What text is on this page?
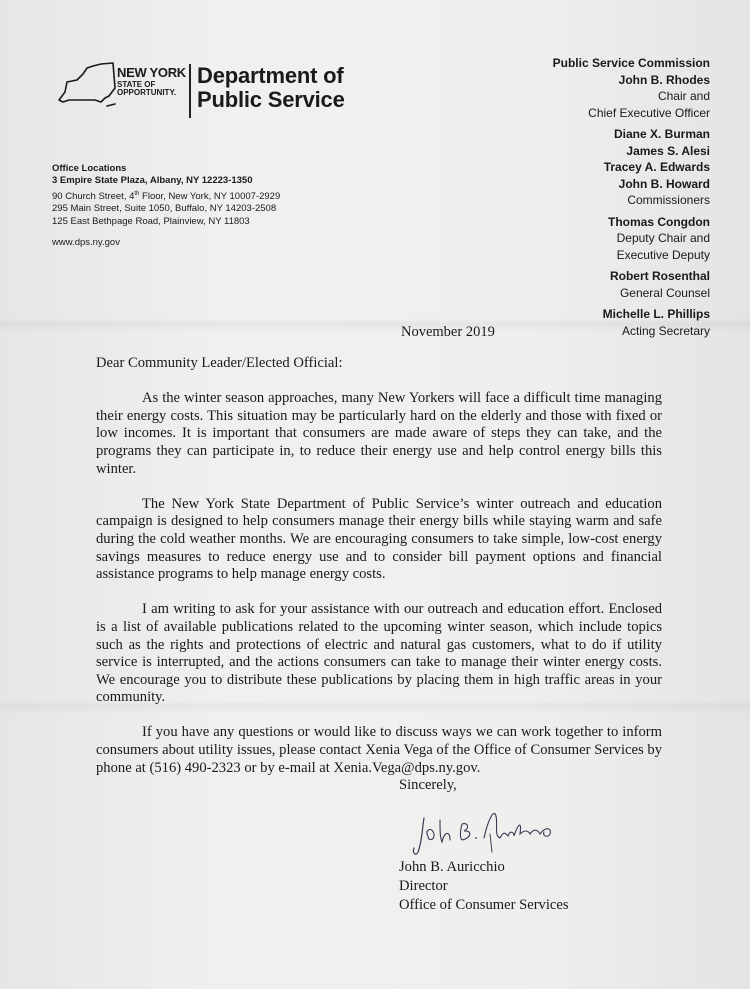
NEW YORK
STATE OF
OPPORTUNITY.
Department of
Public Service
Office Locations
3 Empire State Plaza, Albany, NY 12223-1350
90 Church Street, 4th Floor, New York, NY 10007-2929
295 Main Street, Suite 1050, Buffalo, NY 14203-2508
125 East Bethpage Road, Plainview, NY 11803
www.dps.ny.gov
Public Service Commission
John B. Rhodes
Chair and
Chief Executive Officer
Diane X. Burman
James S. Alesi
Tracey A. Edwards
John B. Howard
Commissioners
Thomas Congdon
Deputy Chair and
Executive Deputy
Robert Rosenthal
General Counsel
Michelle L. Phillips
Acting Secretary
November 2019

Dear Community Leader/Elected Official:

As the winter season approaches, many New Yorkers will face a difficult time managing their energy costs. This situation may be particularly hard on the elderly and those with fixed or low incomes. It is important that consumers are made aware of steps they can take, and the programs they can participate in, to reduce their energy use and help control energy bills this winter.

The New York State Department of Public Service’s winter outreach and education campaign is designed to help consumers manage their energy bills while staying warm and safe during the cold weather months. We are encouraging consumers to take simple, low-cost energy savings measures to reduce energy use and to consider bill payment options and financial assistance programs to help manage energy costs.

I am writing to ask for your assistance with our outreach and education effort. Enclosed is a list of available publications related to the upcoming winter season, which include topics such as the rights and protections of electric and natural gas customers, what to do if utility service is interrupted, and the actions consumers can take to manage their winter energy costs. We encourage you to distribute these publications by placing them in high traffic areas in your community.

If you have any questions or would like to discuss ways we can work together to inform consumers about utility issues, please contact Xenia Vega of the Office of Consumer Services by phone at (516) 490-2323 or by e-mail at Xenia.Vega@dps.ny.gov.

Sincerely,
John B. Auricchio
Director
Office of Consumer Services
